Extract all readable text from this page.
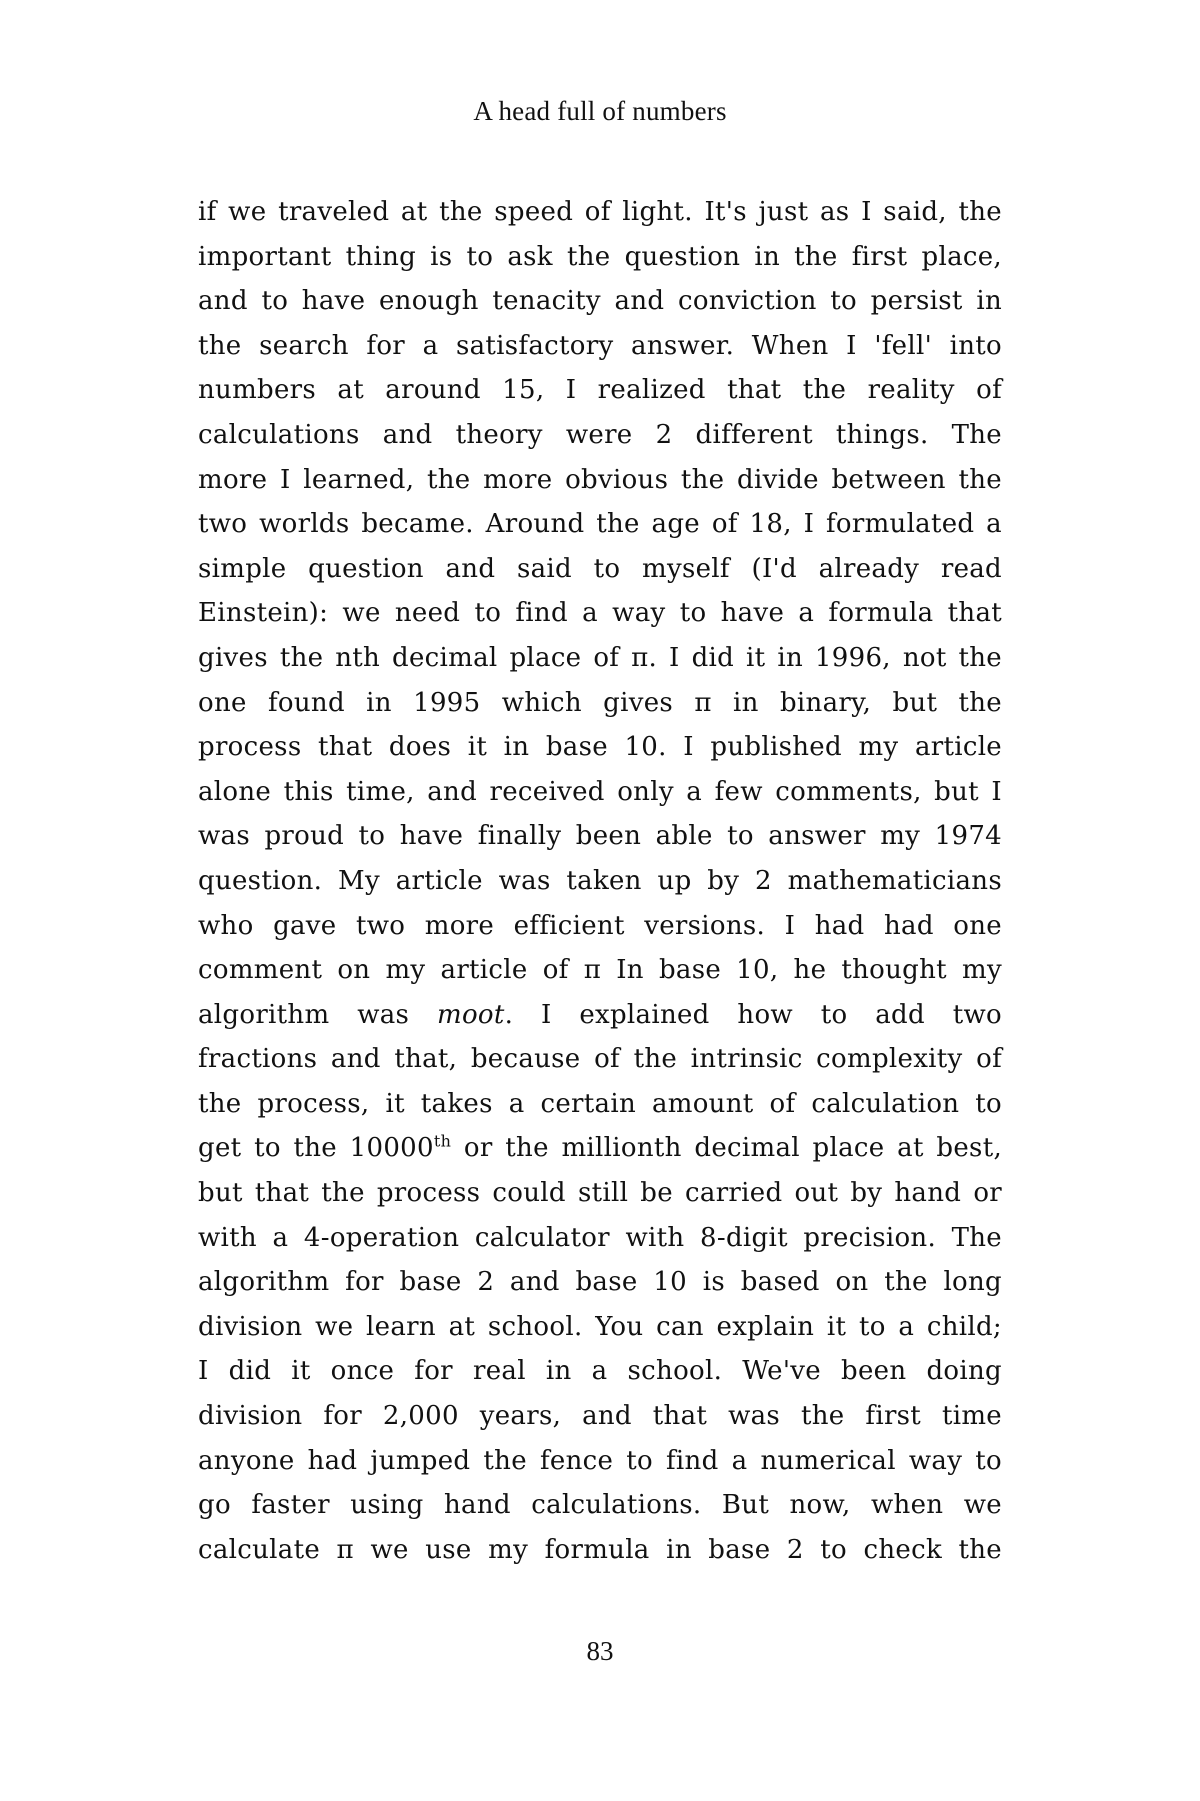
A head full of numbers
if we traveled at the speed of light. It's just as I said, the
important thing is to ask the question in the first place,
and to have enough tenacity and conviction to persist in
the search for a satisfactory answer. When I 'fell' into
numbers at around 15, I realized that the reality of
calculations and theory were 2 different things. The
more I learned, the more obvious the divide between the
two worlds became. Around the age of 18, I formulated a
simple question and said to myself (I'd already read
Einstein): we need to find a way to have a formula that
gives the nth decimal place of π. I did it in 1996, not the
one found in 1995 which gives π in binary, but the
process that does it in base 10. I published my article
alone this time, and received only a few comments, but I
was proud to have finally been able to answer my 1974
question. My article was taken up by 2 mathematicians
who gave two more efficient versions. I had had one
comment on my article of π In base 10, he thought my
algorithm was moot. I explained how to add two
fractions and that, because of the intrinsic complexity of
the process, it takes a certain amount of calculation to
get to the 10000th or the millionth decimal place at best,
but that the process could still be carried out by hand or
with a 4-operation calculator with 8-digit precision. The
algorithm for base 2 and base 10 is based on the long
division we learn at school. You can explain it to a child;
I did it once for real in a school. We've been doing
division for 2,000 years, and that was the first time
anyone had jumped the fence to find a numerical way to
go faster using hand calculations. But now, when we
calculate π we use my formula in base 2 to check the
83
